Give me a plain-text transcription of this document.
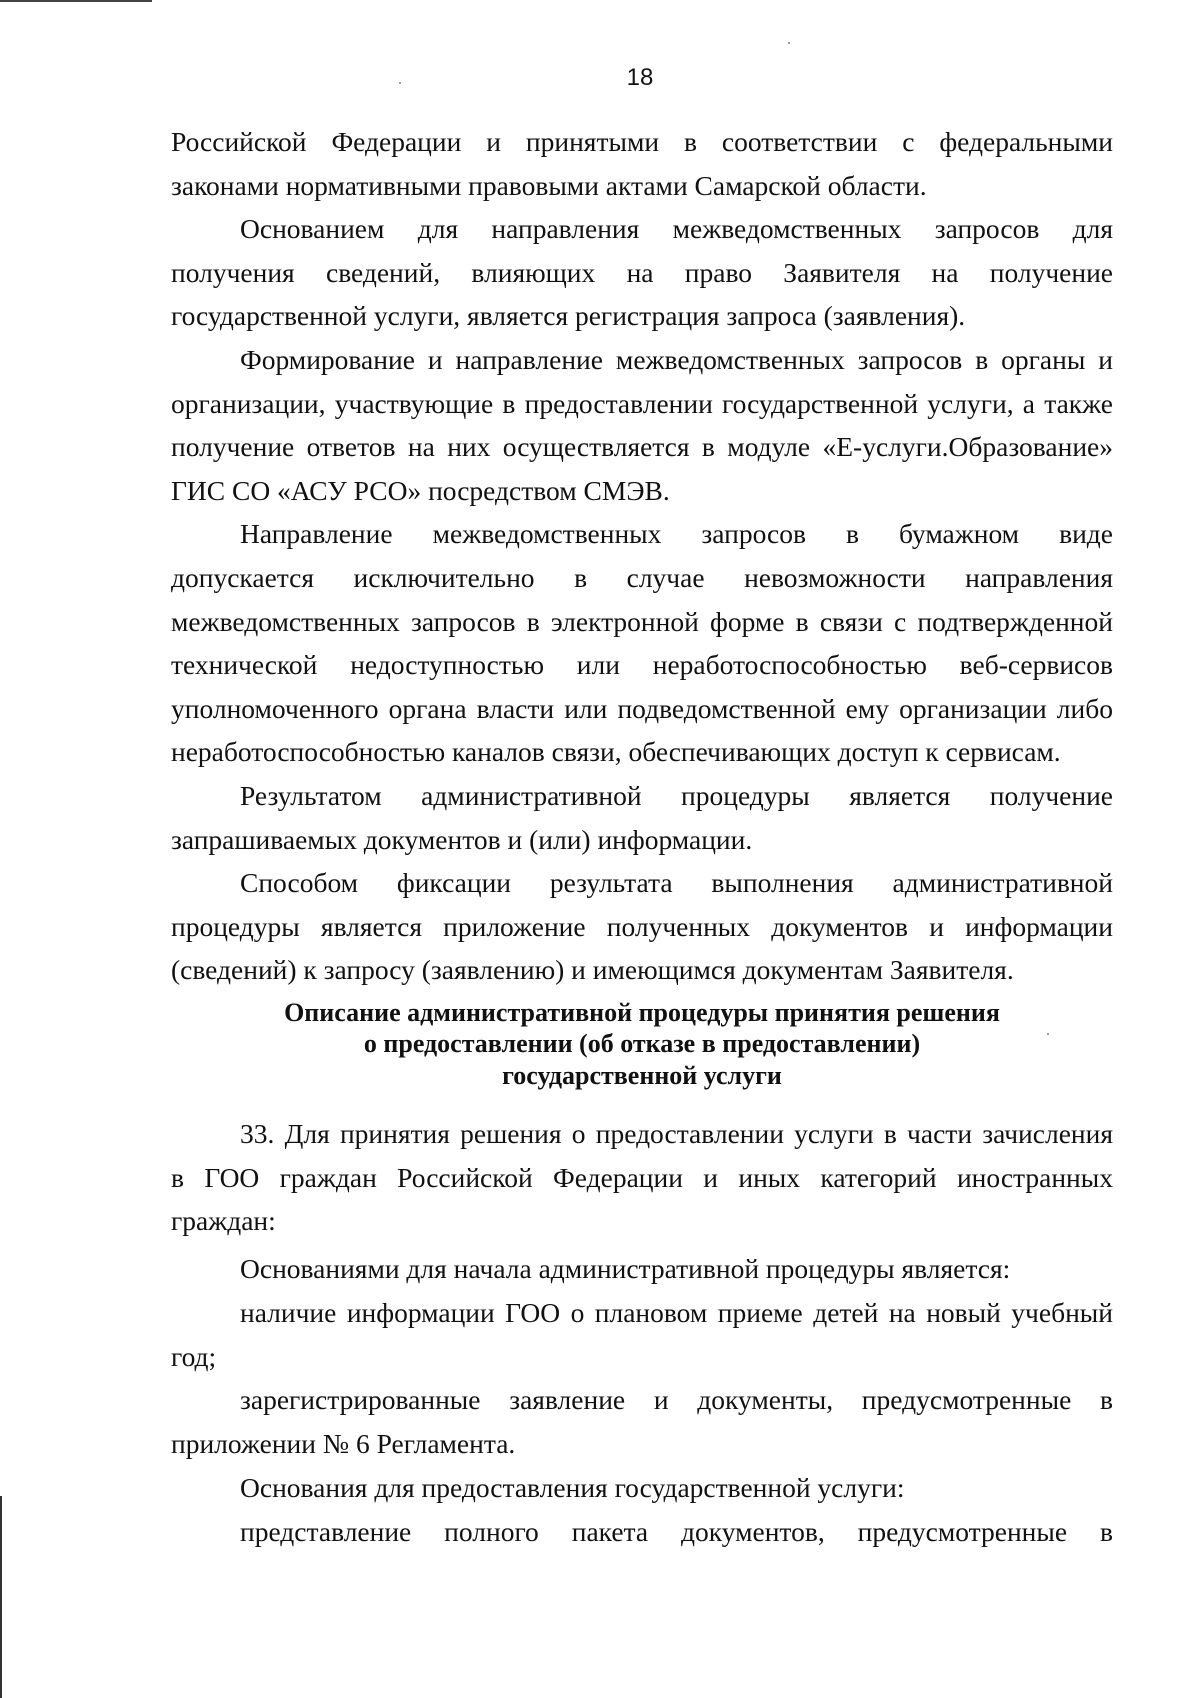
18
Российской Федерации и принятыми в соответствии с федеральными
законами нормативными правовыми актами Самарской области.
Основанием для направления межведомственных запросов для
получения сведений, влияющих на право Заявителя на получение
государственной услуги, является регистрация запроса (заявления).
Формирование и направление межведомственных запросов в органы и
организации, участвующие в предоставлении государственной услуги, а также
получение ответов на них осуществляется в модуле «Е-услуги.Образование»
ГИС СО «АСУ РСО» посредством СМЭВ.
Направление межведомственных запросов в бумажном виде
допускается исключительно в случае невозможности направления
межведомственных запросов в электронной форме в связи с подтвержденной
технической недоступностью или неработоспособностью веб-сервисов
уполномоченного органа власти или подведомственной ему организации либо
неработоспособностью каналов связи, обеспечивающих доступ к сервисам.
Результатом административной процедуры является получение
запрашиваемых документов и (или) информации.
Способом фиксации результата выполнения административной
процедуры является приложение полученных документов и информации
(сведений) к запросу (заявлению) и имеющимся документам Заявителя.
Описание административной процедуры принятия решения
о предоставлении (об отказе в предоставлении)
государственной услуги
33. Для принятия решения о предоставлении услуги в части зачисления
в ГОО граждан Российской Федерации и иных категорий иностранных
граждан:
Основаниями для начала административной процедуры является:
наличие информации ГОО о плановом приеме детей на новый учебный
год;
зарегистрированные заявление и документы, предусмотренные в
приложении № 6 Регламента.
Основания для предоставления государственной услуги:
представление полного пакета документов, предусмотренные в
